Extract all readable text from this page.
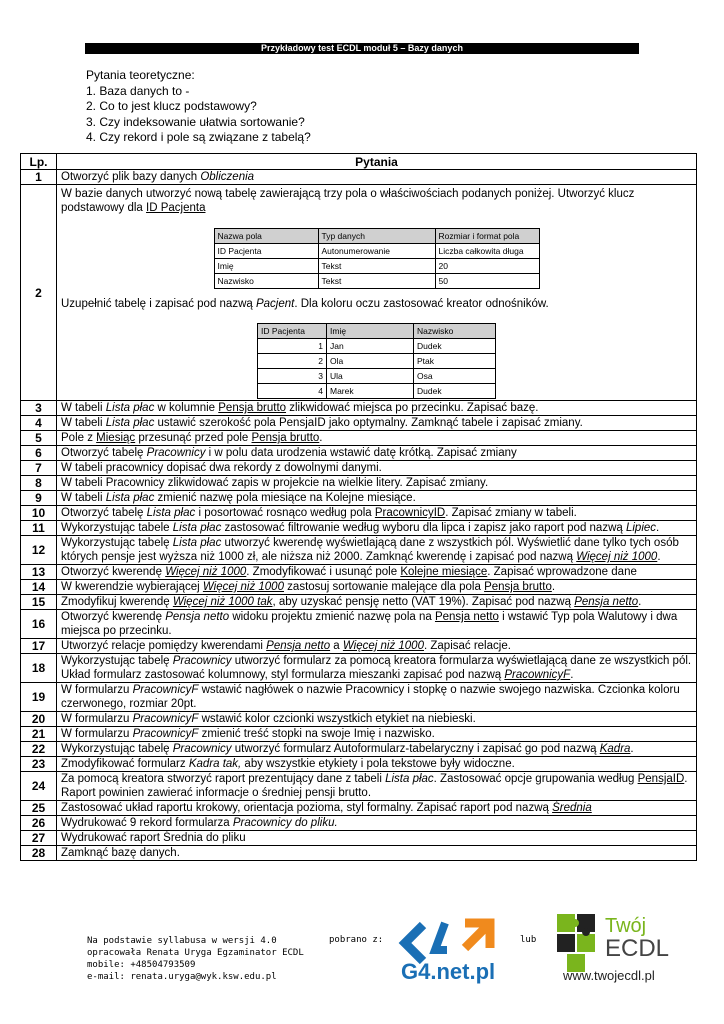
Przykładowy test ECDL moduł 5 – Bazy danych
Pytania teoretyczne:
1. Baza danych to -
2. Co to jest klucz podstawowy?
3. Czy indeksowanie ułatwia sortowanie?
4. Czy rekord i pole są związane z tabelą?
Lp.	Pytania
1	Otworzyć plik bazy danych Obliczenia
2	
W bazie danych utworzyć nową tabelę zawierającą trzy pola o właściwościach podanych poniżej. Utworzyć klucz podstawowy dla ID Pacjenta
Nazwa pola	Typ danych	Rozmiar i format pola
ID Pacjenta	Autonumerowanie	Liczba całkowita długa
Imię	Tekst	20
Nazwisko	Tekst	50
Uzupełnić tabelę i zapisać pod nazwą Pacjent. Dla koloru oczu zastosować kreator odnośników.
ID Pacjenta	Imię	Nazwisko
1	Jan	Dudek
2	Ola	Ptak
3	Ula	Osa
4	Marek	Dudek

3	W tabeli Lista płac w kolumnie Pensja brutto zlikwidować miejsca po przecinku. Zapisać bazę.
4	W tabeli Lista płac ustawić szerokość pola PensjaID jako optymalny. Zamknąć tabele i zapisać zmiany.
5	Pole z Miesiąc przesunąć przed pole Pensja brutto.
6	Otworzyć tabelę Pracownicy i w polu data urodzenia wstawić datę krótką. Zapisać zmiany
7	W tabeli pracownicy dopisać dwa rekordy z dowolnymi danymi.
8	W tabeli Pracownicy zlikwidować zapis w projekcie na wielkie litery. Zapisać zmiany.
9	W tabeli Lista płac zmienić nazwę pola miesiące na Kolejne miesiące.
10	Otworzyć tabelę Lista płac i posortować rosnąco według pola PracownicyID. Zapisać zmiany w tabeli.
11	Wykorzystując tabele Lista płac zastosować filtrowanie według wyboru dla lipca i zapisz jako raport pod nazwą Lipiec.
12	Wykorzystując tabelę Lista płac utworzyć kwerendę wyświetlającą dane z wszystkich pól. Wyświetlić dane tylko tych osób których pensje jest wyższa niż 1000 zł, ale niższa niż 2000. Zamknąć kwerendę i zapisać pod nazwą Więcej niż 1000.
13	Otworzyć kwerendę Więcej niż 1000. Zmodyfikować i usunąć pole Kolejne miesiące. Zapisać wprowadzone dane
14	W kwerendzie wybierającej Więcej niż 1000 zastosuj sortowanie malejące dla pola Pensja brutto.
15	Zmodyfikuj kwerendę Więcej niż 1000 tak, aby uzyskać pensję netto (VAT 19%). Zapisać pod nazwą Pensja netto.
16	Otworzyć kwerendę Pensja netto widoku projektu zmienić nazwę pola na Pensja netto i wstawić Typ pola Walutowy i dwa miejsca po przecinku.
17	Utworzyć relacje pomiędzy kwerendami Pensja netto a Więcej niż 1000. Zapisać relacje.
18	Wykorzystując tabelę Pracownicy utworzyć formularz za pomocą kreatora formularza wyświetlającą dane ze wszystkich pól. Układ formularz zastosować kolumnowy, styl formularza mieszanki zapisać pod nazwą PracownicyF.
19	W formularzu PracownicyF wstawić nagłówek o nazwie Pracownicy i stopkę o nazwie swojego nazwiska. Czcionka koloru czerwonego, rozmiar 20pt.
20	W formularzu PracownicyF wstawić kolor czcionki wszystkich etykiet na niebieski.
21	W formularzu PracownicyF zmienić treść stopki na swoje Imię i nazwisko.
22	Wykorzystując tabelę Pracownicy utworzyć formularz Autoformularz-tabelaryczny i zapisać go pod nazwą Kadra.
23	Zmodyfikować formularz Kadra tak, aby wszystkie etykiety i pola tekstowe były widoczne.
24	Za pomocą kreatora stworzyć raport prezentujący dane z tabeli Lista płac. Zastosować opcje grupowania według PensjaID. Raport powinien zawierać informacje o średniej pensji brutto.
25	Zastosować układ raportu krokowy, orientacja pozioma, styl formalny. Zapisać raport pod nazwą Średnia
26	Wydrukować 9 rekord formularza Pracownicy do pliku.
27	Wydrukować raport Średnia do pliku
28	Zamknąć bazę danych.
Na podstawie syllabusa w wersji 4.0
opracowała Renata Uryga Egzaminator ECDL
mobile: +48504793509
e-mail: renata.uryga@wyk.ksw.edu.pl
pobrano z:	lub
G4.net.pl
Twój
ECDL
www.twojecdl.pl
